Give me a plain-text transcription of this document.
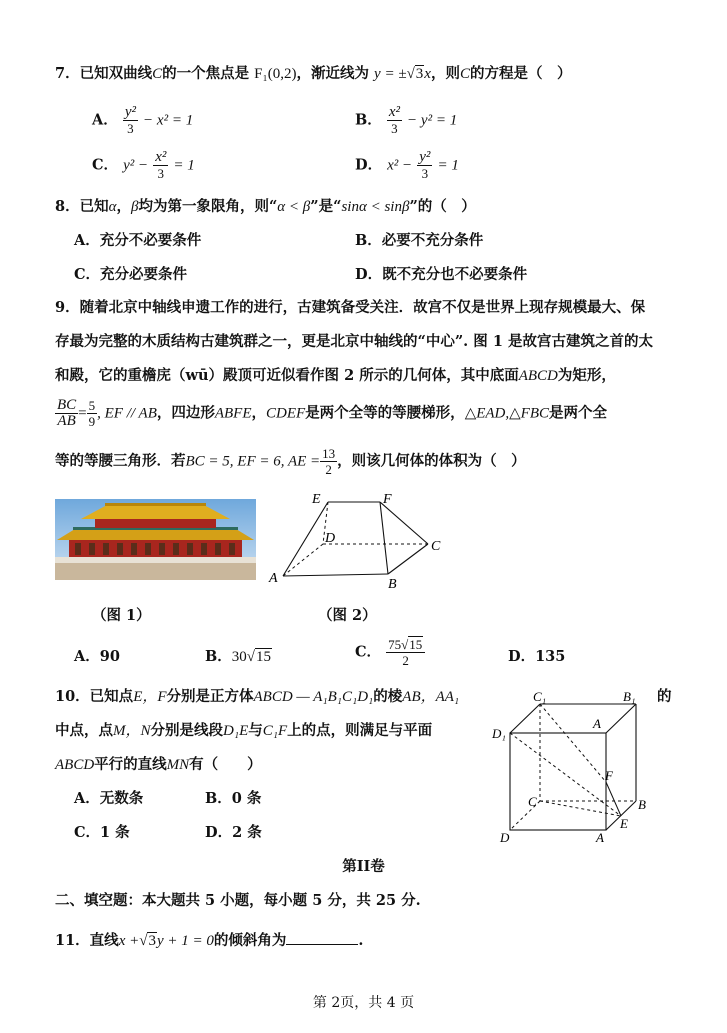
7．已知双曲线C的一个焦点是 F₁(0,2)，渐近线为 y = ±√3x，则C的方程是（　）
A． $\frac{\text{y²}}{3} - x^2 = 1$	B． $\frac{\text{x²}}{3} - y^2 = 1$
C． $y^2 - \frac{\text{x²}}{3} = 1$	D． $x^2 - \frac{\text{y²}}{3} = 1$
8．已知α，β均为第一象限角，则“α < β”是“sinα < sinβ”的（　）
A．充分不必要条件	B．必要不充分条件
C．充分必要条件	D．既不充分也不必要条件
9．随着北京中轴线申遗工作的进行，古建筑备受关注．故宫不仅是世界上现存规模最大、保
存最为完整的木质结构古建筑群之一，更是北京中轴线的“中心”. 图 1 是故宫古建筑之首的太
和殿，它的重檐庑（wū）殿顶可近似看作图 2 所示的几何体，其中底面ABCD为矩形，
$\frac{BC}{AB} = \frac{5}{9}$ , EF // AB，四边形ABFE，CDEF是两个全等的等腰梯形，△EAD,△FBC是两个全
等的等腰三角形．若BC = 5, EF = 6, AE = $\frac{13}{2}$ ，则该几何体的体积为（　）
（图 1）
E	F
D
C
A	B
（图 2）
A．90	B．30√15	C． $\frac{75√15}{2}$	D．135
10．已知点E，F分别是正方体ABCD — A₁B₁C₁D₁的棱AB，AA₁	的
中点，点M，N分别是线段D₁E与C₁F上的点，则满足与平面
ABCD平行的直线MN有（　　）
A．无数条	B．0 条
C．1 条	D．2 条
C₁	B₁
A
D₁
F
C	B
E
D	A
第II卷
二、填空题：本大题共 5 小题，每小题 5 分，共 25 分.
11．直线x +√3y + 1 = 0的倾斜角为	.
第 2页，共 4 页
